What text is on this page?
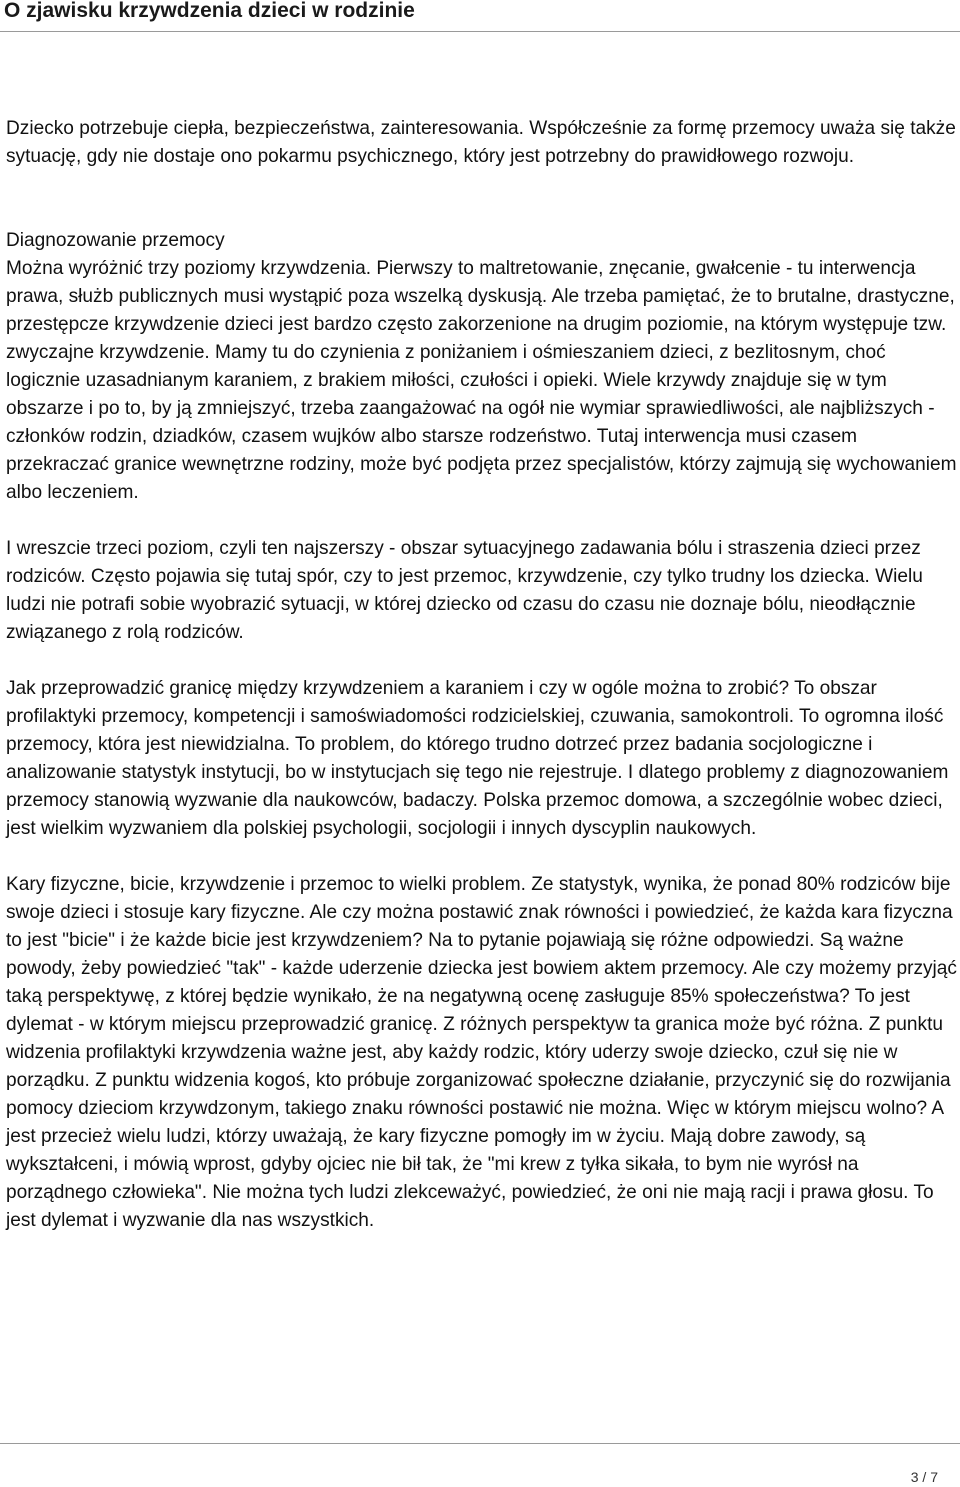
O zjawisku krzywdzenia dzieci w rodzinie

Dziecko potrzebuje ciepła, bezpieczeństwa, zainteresowania. Współcześnie za formę przemocy uważa się także sytuację, gdy nie dostaje ono pokarmu psychicznego, który jest potrzebny do prawidłowego rozwoju.

Diagnozowanie przemocy

Można wyróżnić trzy poziomy krzywdzenia. Pierwszy to maltretowanie, znęcanie, gwałcenie - tu interwencja prawa, służb publicznych musi wystąpić poza wszelką dyskusją. Ale trzeba pamiętać, że to brutalne, drastyczne, przestępcze krzywdzenie dzieci jest bardzo często zakorzenione na drugim poziomie, na którym występuje tzw. zwyczajne krzywdzenie. Mamy tu do czynienia z poniżaniem i ośmieszaniem dzieci, z bezlitosnym, choć logicznie uzasadnianym karaniem, z brakiem miłości, czułości i opieki. Wiele krzywdy znajduje się w tym obszarze i po to, by ją zmniejszyć, trzeba zaangażować na ogół nie wymiar sprawiedliwości, ale najbliższych - członków rodzin, dziadków, czasem wujków albo starsze rodzeństwo. Tutaj interwencja musi czasem przekraczać granice wewnętrzne rodziny, może być podjęta przez specjalistów, którzy zajmują się wychowaniem albo leczeniem.

I wreszcie trzeci poziom, czyli ten najszerszy - obszar sytuacyjnego zadawania bólu i straszenia dzieci przez rodziców. Często pojawia się tutaj spór, czy to jest przemoc, krzywdzenie, czy tylko trudny los dziecka. Wielu ludzi nie potrafi sobie wyobrazić sytuacji, w której dziecko od czasu do czasu nie doznaje bólu, nieodłącznie związanego z rolą rodziców.

Jak przeprowadzić granicę między krzywdzeniem a karaniem i czy w ogóle można to zrobić? To obszar profilaktyki przemocy, kompetencji i samoświadomości rodzicielskiej, czuwania, samokontroli. To ogromna ilość przemocy, która jest niewidzialna. To problem, do którego trudno dotrzeć przez badania socjologiczne i analizowanie statystyk instytucji, bo w instytucjach się tego nie rejestruje. I dlatego problemy z diagnozowaniem przemocy stanowią wyzwanie dla naukowców, badaczy. Polska przemoc domowa, a szczególnie wobec dzieci, jest wielkim wyzwaniem dla polskiej psychologii, socjologii i innych dyscyplin naukowych.

Kary fizyczne, bicie, krzywdzenie i przemoc to wielki problem. Ze statystyk, wynika, że ponad 80% rodziców bije swoje dzieci i stosuje kary fizyczne. Ale czy można postawić znak równości i powiedzieć, że każda kara fizyczna to jest "bicie" i że każde bicie jest krzywdzeniem? Na to pytanie pojawiają się różne odpowiedzi. Są ważne powody, żeby powiedzieć "tak" - każde uderzenie dziecka jest bowiem aktem przemocy. Ale czy możemy przyjąć taką perspektywę, z której będzie wynikało, że na negatywną ocenę zasługuje 85% społeczeństwa? To jest dylemat - w którym miejscu przeprowadzić granicę. Z różnych perspektyw ta granica może być różna. Z punktu widzenia profilaktyki krzywdzenia ważne jest, aby każdy rodzic, który uderzy swoje dziecko, czuł się nie w porządku. Z punktu widzenia kogoś, kto próbuje zorganizować społeczne działanie, przyczynić się do rozwijania pomocy dzieciom krzywdzonym, takiego znaku równości postawić nie można. Więc w którym miejscu wolno? A jest przecież wielu ludzi, którzy uważają, że kary fizyczne pomogły im w życiu. Mają dobre zawody, są wykształceni, i mówią wprost, gdyby ojciec nie bił tak, że "mi krew z tyłka sikała, to bym nie wyrósł na porządnego człowieka". Nie można tych ludzi zlekceważyć, powiedzieć, że oni nie mają racji i prawa głosu. To jest dylemat i wyzwanie dla nas wszystkich.

3 / 7
